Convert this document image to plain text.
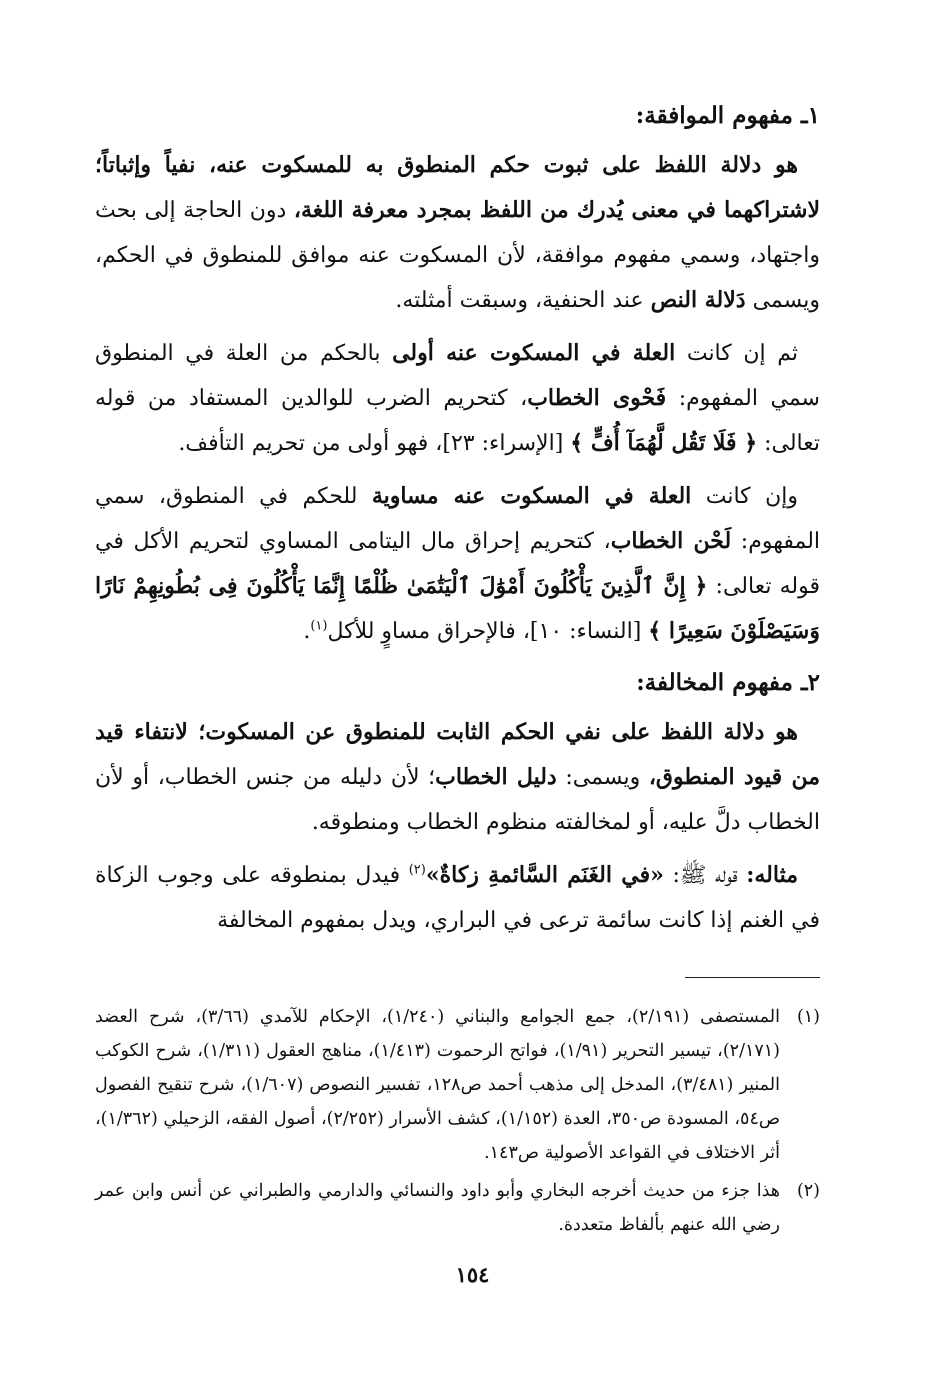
١ـ مفهوم الموافقة:

هو دلالة اللفظ على ثبوت حكم المنطوق به للمسكوت عنه، نفياً وإثباتاً؛ لاشتراكهما في معنى يُدرك من اللفظ بمجرد معرفة اللغة، دون الحاجة إلى بحث واجتهاد، وسمي مفهوم موافقة، لأن المسكوت عنه موافق للمنطوق في الحكم، ويسمى دَلالة النص عند الحنفية، وسبقت أمثلته.

ثم إن كانت العلة في المسكوت عنه أولى بالحكم من العلة في المنطوق سمي المفهوم: فَحْوى الخطاب، كتحريم الضرب للوالدين المستفاد من قوله تعالى: ﴿ فَلَا تَقُل لَّهُمَآ أُفٍّ ﴾ [الإسراء: ٢٣]، فهو أولى من تحريم التأفف.

وإن كانت العلة في المسكوت عنه مساوية للحكم في المنطوق، سمي المفهوم: لَحْن الخطاب، كتحريم إحراق مال اليتامى المساوي لتحريم الأكل في قوله تعالى: ﴿ إِنَّ ٱلَّذِينَ يَأْكُلُونَ أَمْوَٰلَ ٱلْيَتَٰمَىٰ ظُلْمًا إِنَّمَا يَأْكُلُونَ فِى بُطُونِهِمْ نَارًا وَسَيَصْلَوْنَ سَعِيرًا ﴾ [النساء: ١٠]، فالإحراق مساوٍ للأكل$^{(١)}$.

٢ـ مفهوم المخالفة:

هو دلالة اللفظ على نفي الحكم الثابت للمنطوق عن المسكوت؛ لانتفاء قيد من قيود المنطوق، ويسمى: دليل الخطاب؛ لأن دليله من جنس الخطاب، أو لأن الخطاب دلَّ عليه، أو لمخالفته منظوم الخطاب ومنطوقه.

مثاله: قوله ﷺ: «في الغَنَم السَّائمةِ زكاةٌ»$^{(٢)}$ فيدل بمنطوقه على وجوب الزكاة في الغنم إذا كانت سائمة ترعى في البراري، ويدل بمفهوم المخالفة

(١)
المستصفى (٢/١٩١)، جمع الجوامع والبناني (١/٢٤٠)، الإحكام للآمدي (٣/٦٦)، شرح العضد (٢/١٧١)، تيسير التحرير (١/٩١)، فواتح الرحموت (١/٤١٣)، مناهج العقول (١/٣١١)، شرح الكوكب المنير (٣/٤٨١)، المدخل إلى مذهب أحمد ص١٢٨، تفسير النصوص (١/٦٠٧)، شرح تنقيح الفصول ص٥٤، المسودة ص٣٥٠، العدة (١/١٥٢)، كشف الأسرار (٢/٢٥٢)، أصول الفقه، الزحيلي (١/٣٦٢)، أثر الاختلاف في القواعد الأصولية ص١٤٣.
(٢)
هذا جزء من حديث أخرجه البخاري وأبو داود والنسائي والدارمي والطبراني عن أنس وابن عمر رضي الله عنهم بألفاظ متعددة.
١٥٤
